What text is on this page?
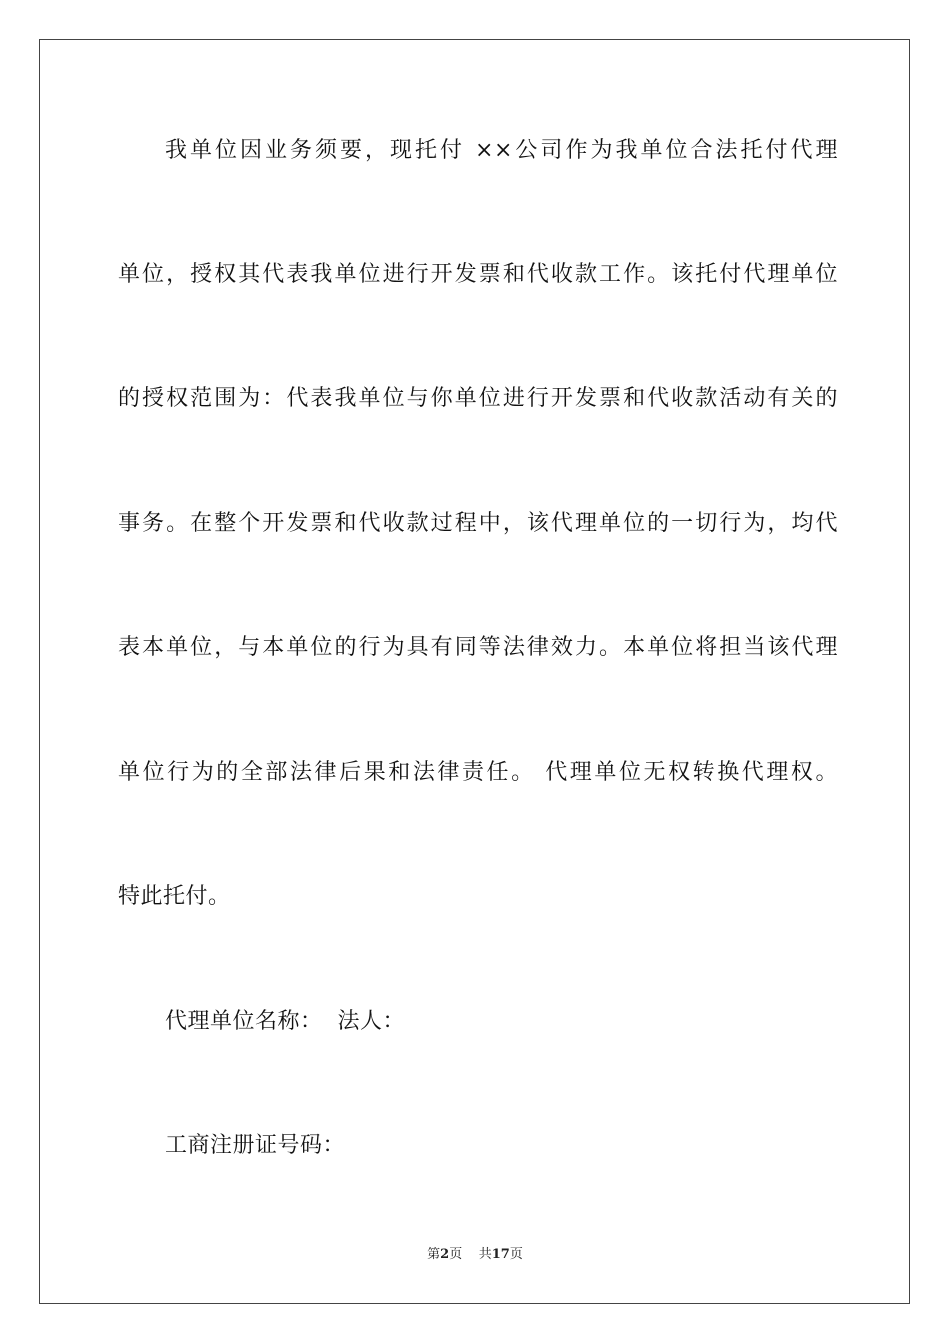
我单位因业务须要，现托付 ××公司作为我单位合法托付代理
单位，授权其代表我单位进行开发票和代收款工作。该托付代理单位
的授权范围为：代表我单位与你单位进行开发票和代收款活动有关的
事务。在整个开发票和代收款过程中，该代理单位的一切行为，均代
表本单位，与本单位的行为具有同等法律效力。本单位将担当该代理
单位行为的全部法律后果和法律责任。 代理单位无权转换代理权。
特此托付。
代理单位名称：  法人：
工商注册证号码：
第2页 共17页
